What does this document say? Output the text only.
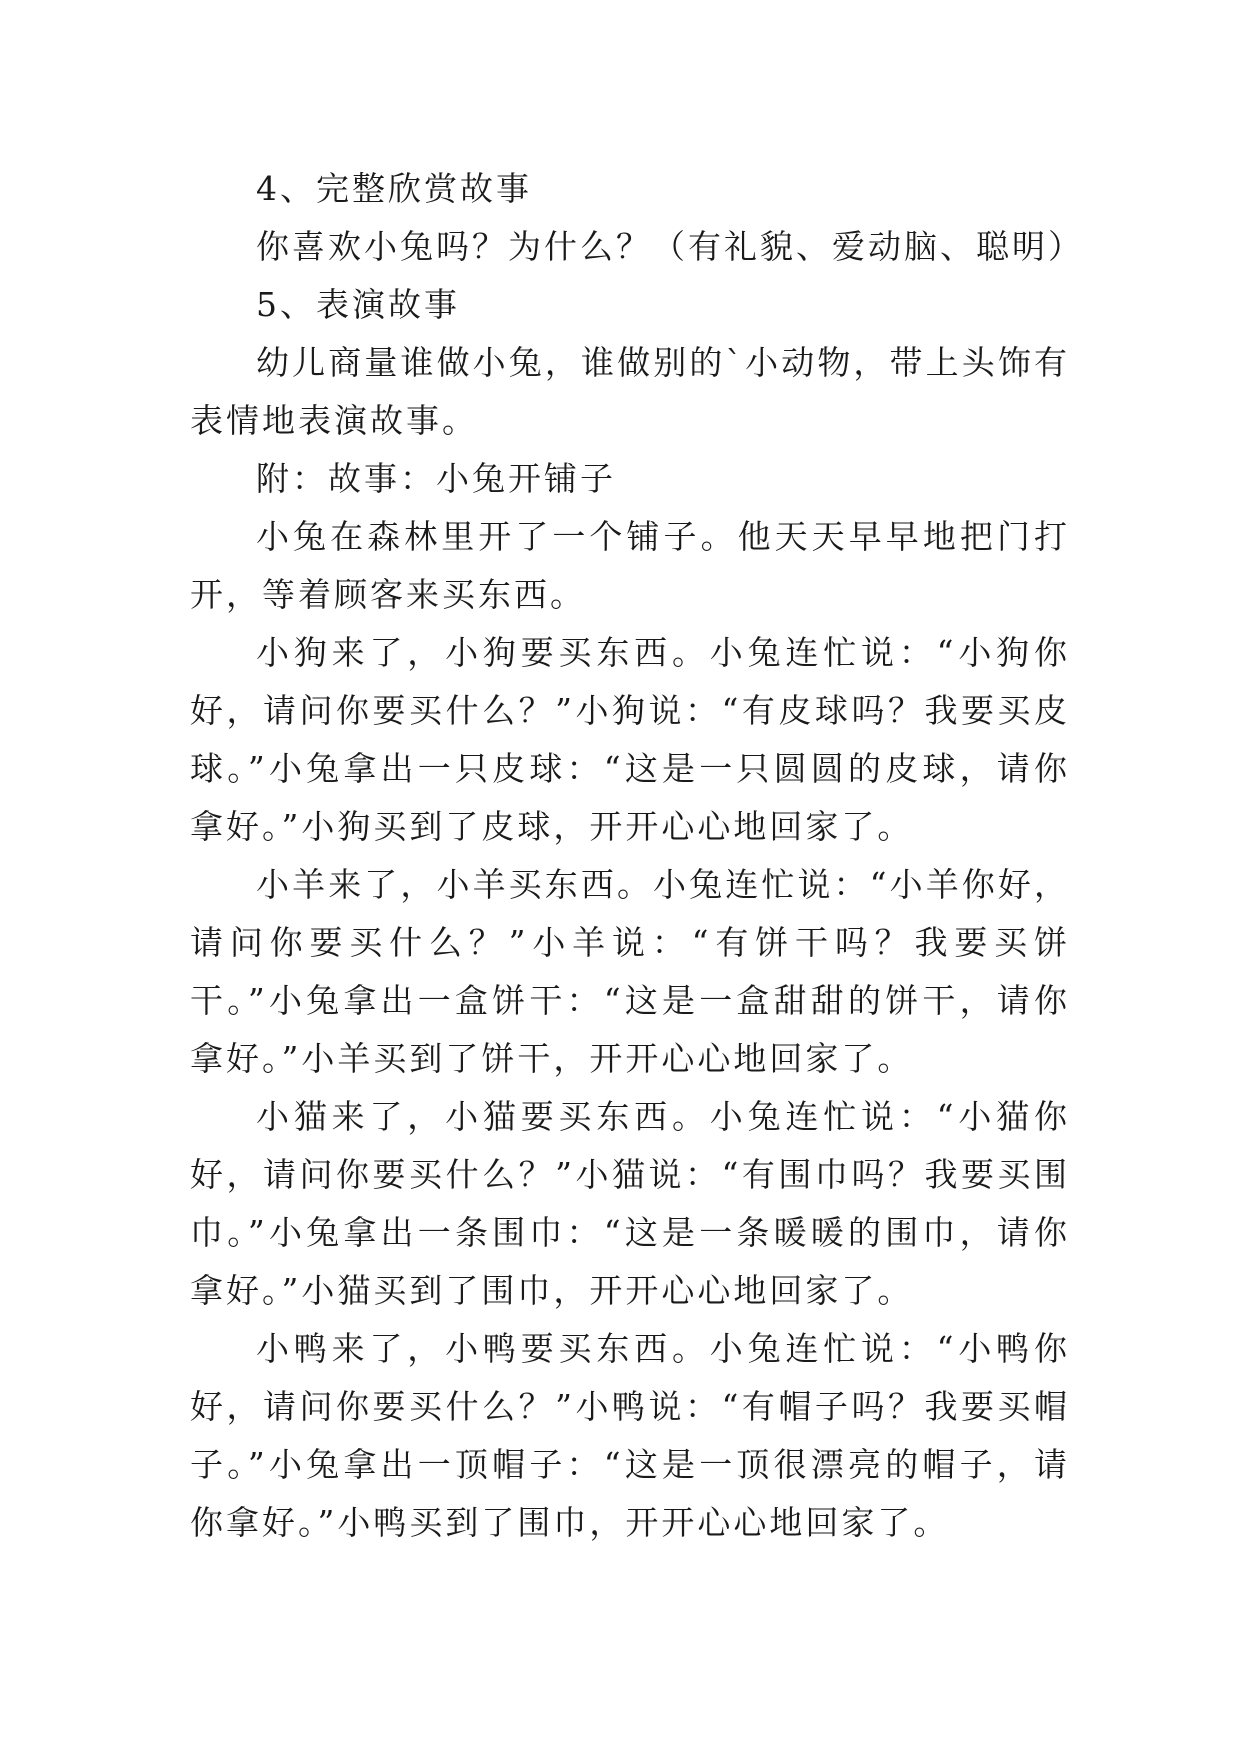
4、完整欣赏故事

你喜欢小兔吗？为什么？（有礼貌、爱动脑、聪明）

5、表演故事

幼儿商量谁做小兔，谁做别的`小动物，带上头饰有表情地表演故事。

附：故事：小兔开铺子

小兔在森林里开了一个铺子。他天天早早地把门打开，等着顾客来买东西。

小狗来了，小狗要买东西。小兔连忙说：“小狗你好，请问你要买什么？”小狗说：“有皮球吗？我要买皮球。”小兔拿出一只皮球：“这是一只圆圆的皮球，请你拿好。”小狗买到了皮球，开开心心地回家了。

小羊来了，小羊买东西。小兔连忙说：“小羊你好，请问你要买什么？”小羊说：“有饼干吗？我要买饼干。”小兔拿出一盒饼干：“这是一盒甜甜的饼干，请你拿好。”小羊买到了饼干，开开心心地回家了。

小猫来了，小猫要买东西。小兔连忙说：“小猫你好，请问你要买什么？”小猫说：“有围巾吗？我要买围巾。”小兔拿出一条围巾：“这是一条暖暖的围巾，请你拿好。”小猫买到了围巾，开开心心地回家了。

小鸭来了，小鸭要买东西。小兔连忙说：“小鸭你好，请问你要买什么？”小鸭说：“有帽子吗？我要买帽子。”小兔拿出一顶帽子：“这是一顶很漂亮的帽子，请你拿好。”小鸭买到了围巾，开开心心地回家了。
